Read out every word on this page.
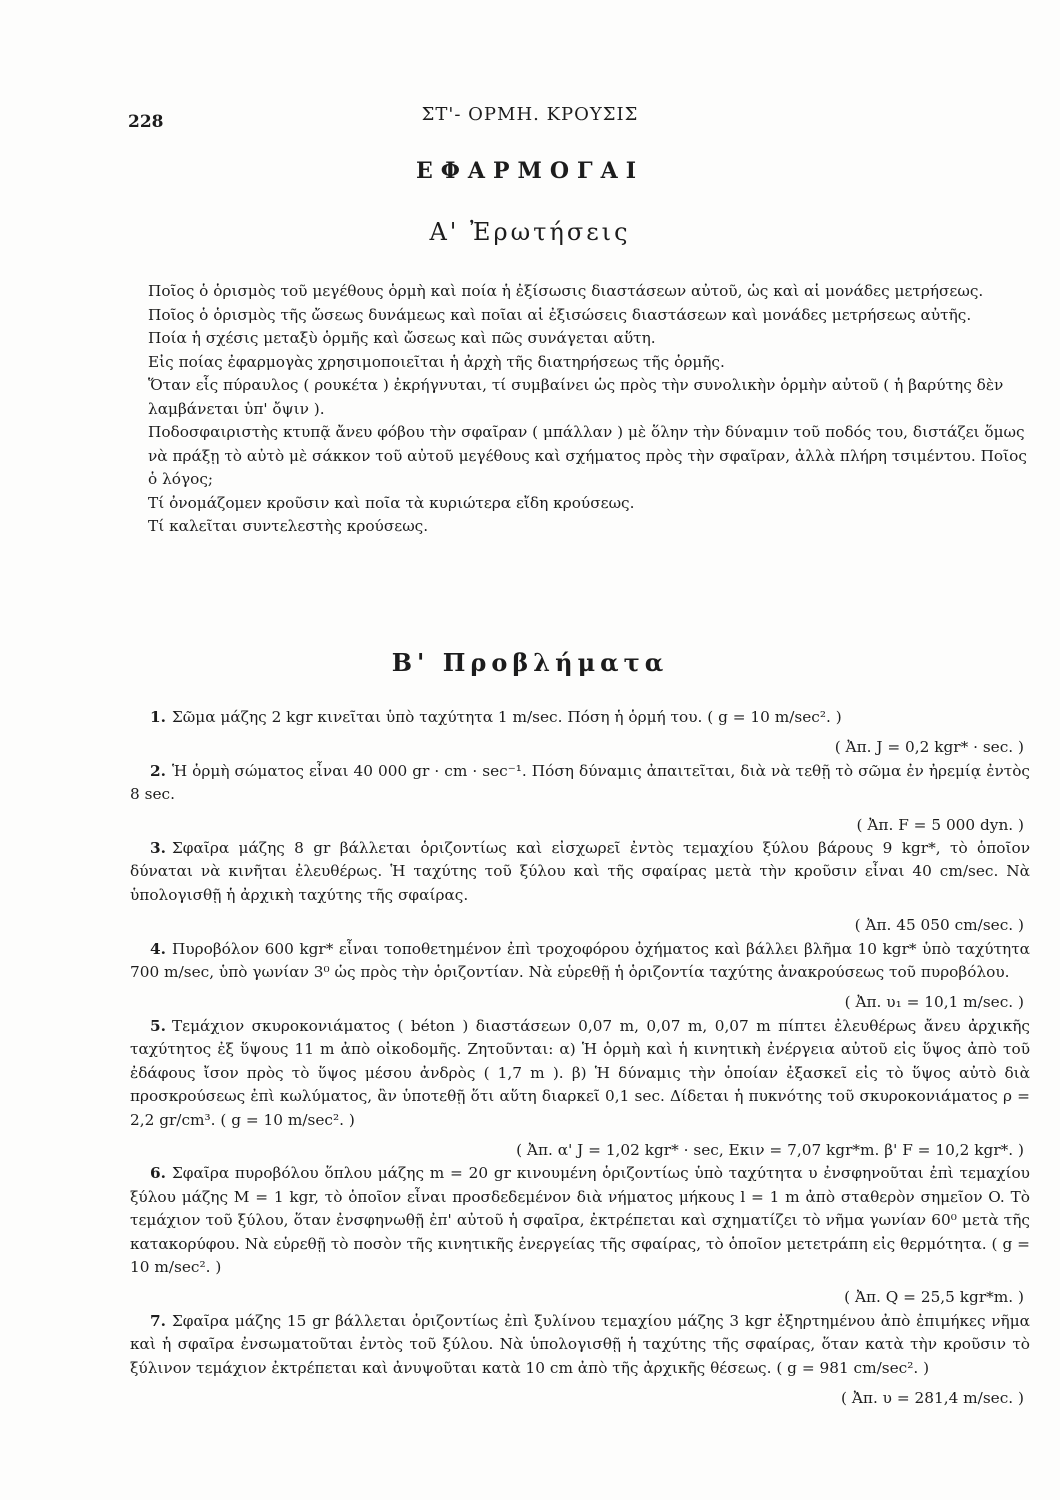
228	ΣΤ'- ΟΡΜΗ. ΚΡΟΥΣΙΣ
ΕΦΑΡΜΟΓΑΙ
Α' Ἐρωτήσεις

Ποῖος ὁ ὁρισμὸς τοῦ μεγέθους ὁρμὴ καὶ ποία ἡ ἐξίσωσις διαστάσεων αὐτοῦ, ὡς καὶ αἱ μονάδες μετρήσεως.

Ποῖος ὁ ὁρισμὸς τῆς ὤσεως δυνάμεως καὶ ποῖαι αἱ ἐξισώσεις διαστάσεων καὶ μονάδες μετρήσεως αὐτῆς.

Ποία ἡ σχέσις μεταξὺ ὁρμῆς καὶ ὤσεως καὶ πῶς συνάγεται αὕτη.

Εἰς ποίας ἐφαρμογὰς χρησιμοποιεῖται ἡ ἀρχὴ τῆς διατηρήσεως τῆς ὁρμῆς.

Ὅταν εἷς πύραυλος ( ρουκέτα ) ἐκρήγνυται, τί συμβαίνει ὡς πρὸς τὴν συνολικὴν ὁρμὴν αὐτοῦ ( ἡ βαρύτης δὲν λαμβάνεται ὑπ' ὄψιν ).

Ποδοσφαιριστὴς κτυπᾷ ἄνευ φόβου τὴν σφαῖραν ( μπάλλαν ) μὲ ὅλην τὴν δύναμιν τοῦ ποδός του, διστάζει ὅμως νὰ πράξῃ τὸ αὐτὸ μὲ σάκκον τοῦ αὐτοῦ μεγέθους καὶ σχήματος πρὸς τὴν σφαῖραν, ἀλλὰ πλήρη τσιμέντου. Ποῖος ὁ λόγος;

Τί ὀνομάζομεν κροῦσιν καὶ ποῖα τὰ κυριώτερα εἴδη κρούσεως.

Τί καλεῖται συντελεστὴς κρούσεως.

Β' Προβλήματα

1. Σῶμα μάζης 2 kgr κινεῖται ὑπὸ ταχύτητα 1 m/sec. Πόση ἡ ὁρμή του. ( g = 10 m/sec². )

( Ἀπ. J = 0,2 kgr* · sec. )

2. Ἡ ὁρμὴ σώματος εἶναι 40 000 gr · cm · sec⁻¹. Πόση δύναμις ἀπαιτεῖται, διὰ νὰ τεθῇ τὸ σῶμα ἐν ἠρεμίᾳ ἐντὸς 8 sec.

( Ἀπ. F = 5 000 dyn. )

3. Σφαῖρα μάζης 8 gr βάλλεται ὁριζοντίως καὶ εἰσχωρεῖ ἐντὸς τεμαχίου ξύλου βάρους 9 kgr*, τὸ ὁποῖον δύναται νὰ κινῆται ἐλευθέρως. Ἡ ταχύτης τοῦ ξύλου καὶ τῆς σφαίρας μετὰ τὴν κροῦσιν εἶναι 40 cm/sec. Νὰ ὑπολογισθῇ ἡ ἀρχικὴ ταχύτης τῆς σφαίρας.

( Ἀπ. 45 050 cm/sec. )

4. Πυροβόλον 600 kgr* εἶναι τοποθετημένον ἐπὶ τροχοφόρου ὀχήματος καὶ βάλλει βλῆμα 10 kgr* ὑπὸ ταχύτητα 700 m/sec, ὑπὸ γωνίαν 3⁰ ὡς πρὸς τὴν ὁριζοντίαν. Νὰ εὑρεθῇ ἡ ὁριζοντία ταχύτης ἀνακρούσεως τοῦ πυροβόλου.

( Ἀπ. υ₁ = 10,1 m/sec. )

5. Τεμάχιον σκυροκονιάματος ( béton ) διαστάσεων 0,07 m, 0,07 m, 0,07 m πίπτει ἐλευθέρως ἄνευ ἀρχικῆς ταχύτητος ἐξ ὕψους 11 m ἀπὸ οἰκοδομῆς. Ζητοῦνται: α) Ἡ ὁρμὴ καὶ ἡ κινητικὴ ἐνέργεια αὐτοῦ εἰς ὕψος ἀπὸ τοῦ ἐδάφους ἴσον πρὸς τὸ ὕψος μέσου ἀνδρὸς ( 1,7 m ). β) Ἡ δύναμις τὴν ὁποίαν ἐξασκεῖ εἰς τὸ ὕψος αὐτὸ διὰ προσκρούσεως ἐπὶ κωλύματος, ἂν ὑποτεθῇ ὅτι αὕτη διαρκεῖ 0,1 sec. Δίδεται ἡ πυκνότης τοῦ σκυροκονιάματος ρ = 2,2 gr/cm³. ( g = 10 m/sec². )

( Ἀπ. α' J = 1,02 kgr* · sec, Eκιν = 7,07 kgr*m. β' F = 10,2 kgr*. )

6. Σφαῖρα πυροβόλου ὅπλου μάζης m = 20 gr κινουμένη ὁριζοντίως ὑπὸ ταχύτητα υ ἐνσφηνοῦται ἐπὶ τεμαχίου ξύλου μάζης M = 1 kgr, τὸ ὁποῖον εἶναι προσδεδεμένον διὰ νήματος μήκους l = 1 m ἀπὸ σταθερὸν σημεῖον O. Τὸ τεμάχιον τοῦ ξύλου, ὅταν ἐνσφηνωθῇ ἐπ' αὐτοῦ ἡ σφαῖρα, ἐκτρέπεται καὶ σχηματίζει τὸ νῆμα γωνίαν 60⁰ μετὰ τῆς κατακορύφου. Νὰ εὑρεθῇ τὸ ποσὸν τῆς κινητικῆς ἐνεργείας τῆς σφαίρας, τὸ ὁποῖον μετετράπη εἰς θερμότητα. ( g = 10 m/sec². )

( Ἀπ. Q = 25,5 kgr*m. )

7. Σφαῖρα μάζης 15 gr βάλλεται ὁριζοντίως ἐπὶ ξυλίνου τεμαχίου μάζης 3 kgr ἐξηρτημένου ἀπὸ ἐπιμήκες νῆμα καὶ ἡ σφαῖρα ἐνσωματοῦται ἐντὸς τοῦ ξύλου. Νὰ ὑπολογισθῇ ἡ ταχύτης τῆς σφαίρας, ὅταν κατὰ τὴν κροῦσιν τὸ ξύλινον τεμάχιον ἐκτρέπεται καὶ ἀνυψοῦται κατὰ 10 cm ἀπὸ τῆς ἀρχικῆς θέσεως. ( g = 981 cm/sec². )

( Ἀπ. υ = 281,4 m/sec. )
